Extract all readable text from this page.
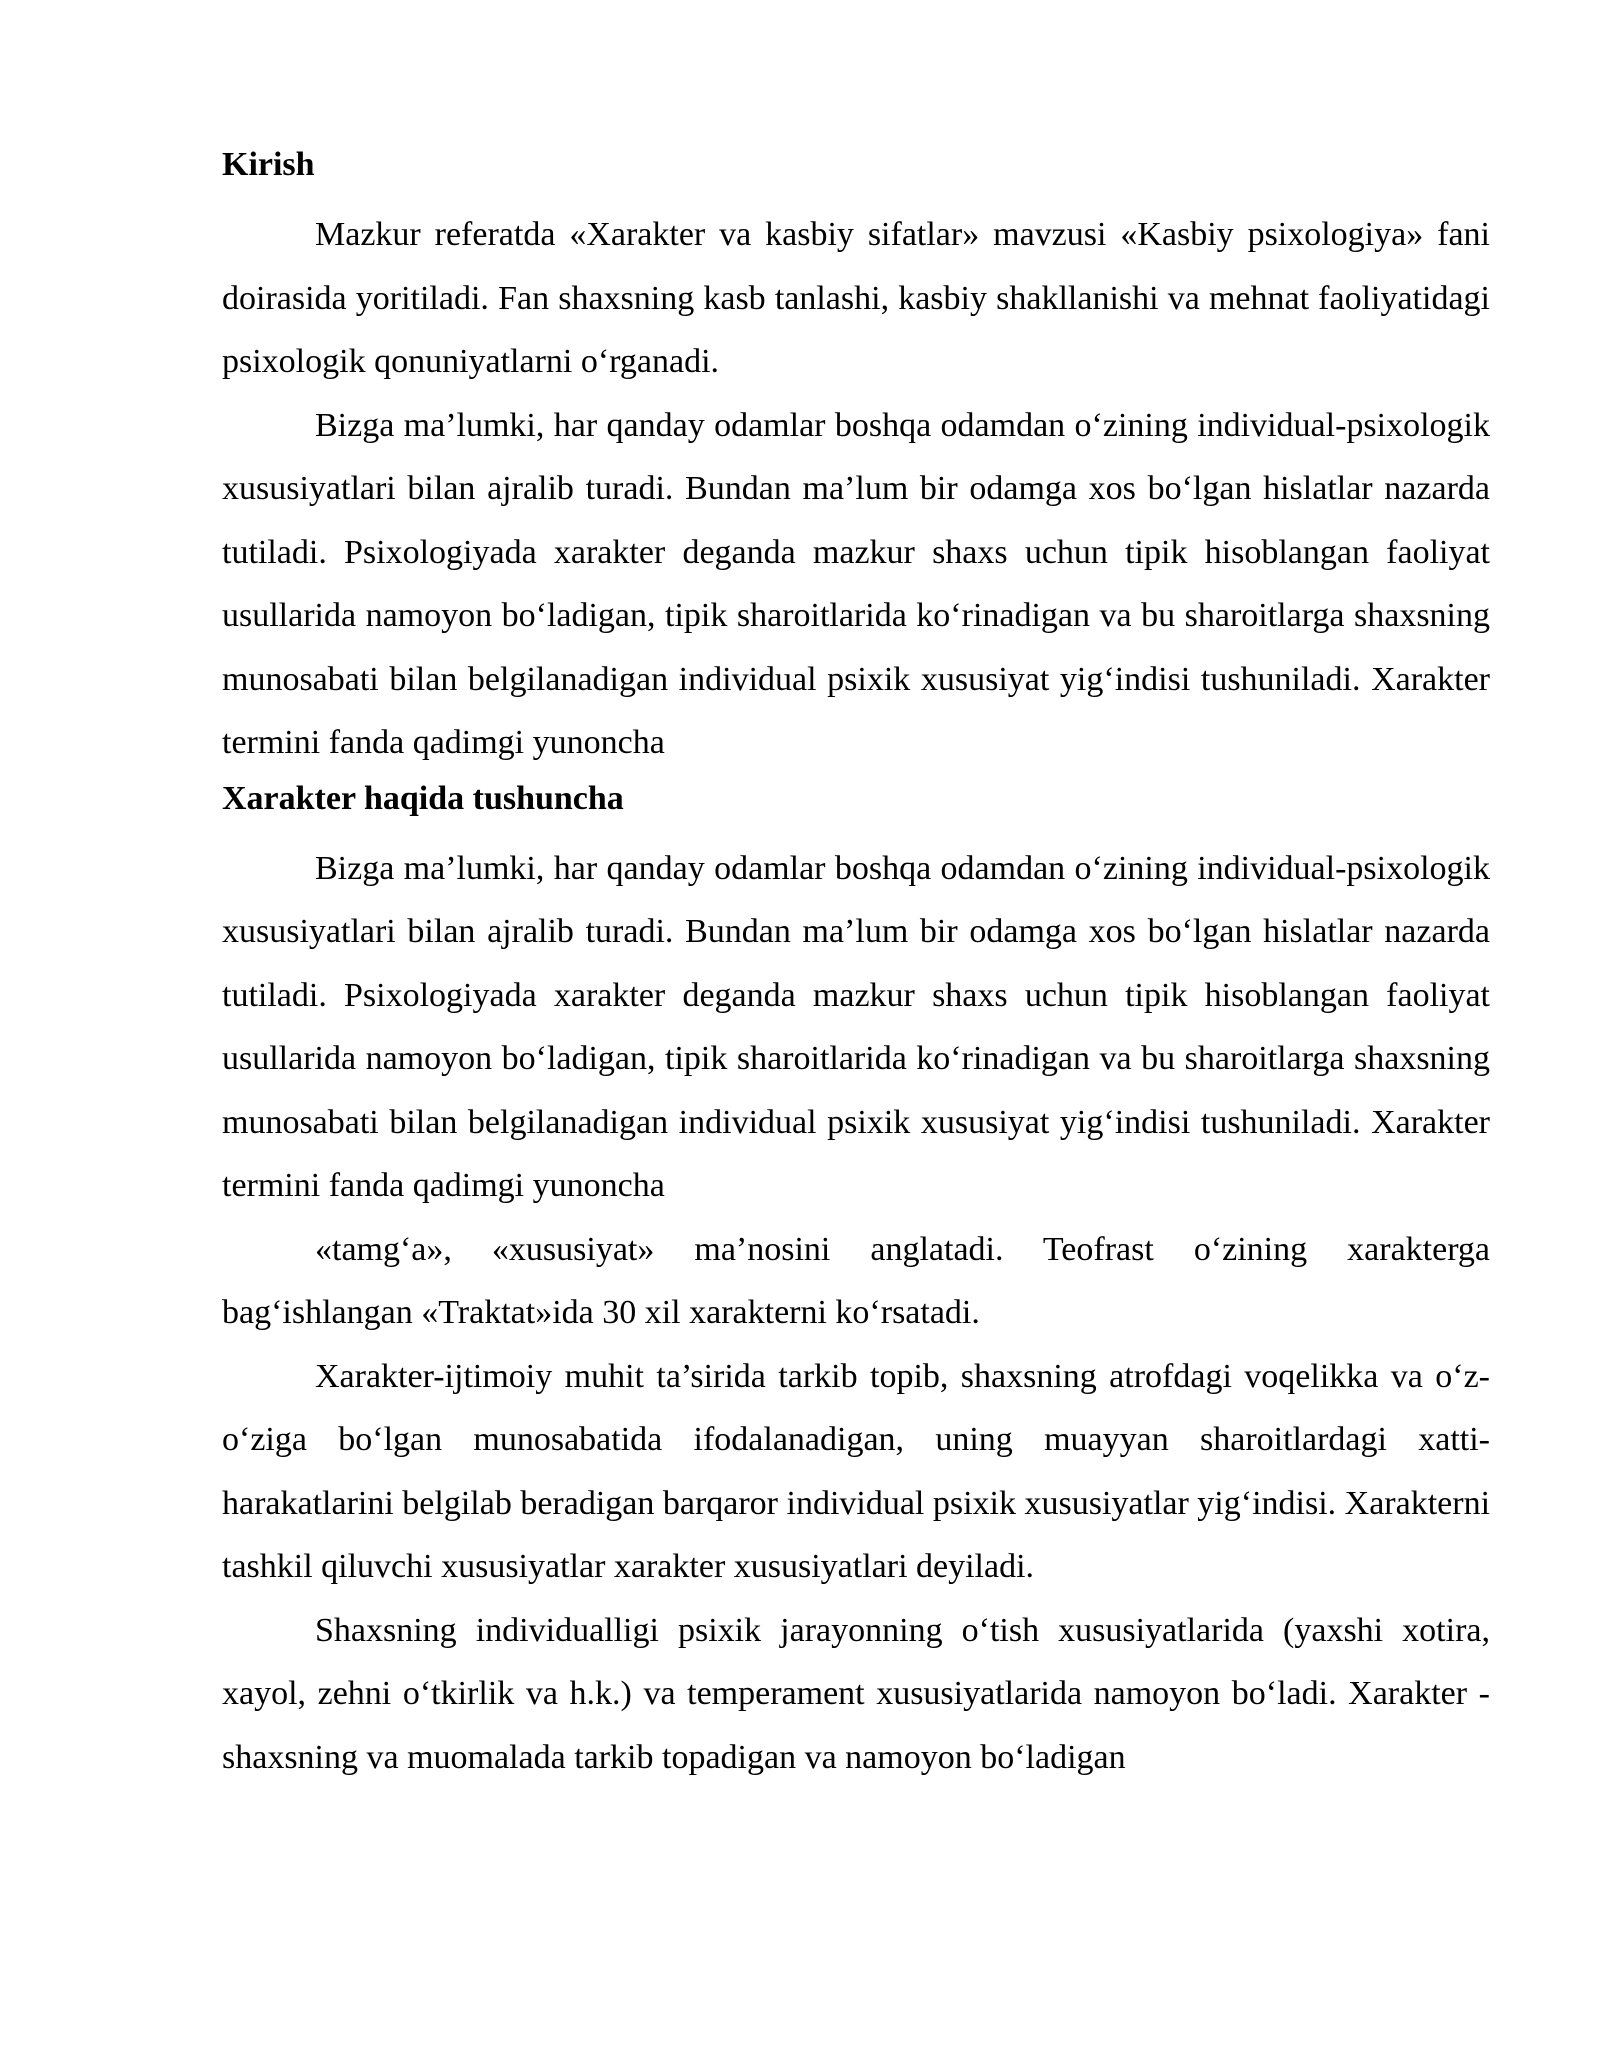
Kirish

Mazkur referatda «Xarakter va kasbiy sifatlar» mavzusi «Kasbiy psixologiya» fani doirasida yoritiladi. Fan shaxsning kasb tanlashi, kasbiy shakllanishi va mehnat faoliyatidagi psixologik qonuniyatlarni o‘rganadi.

Bizga ma’lumki, har qanday odamlar boshqa odamdan o‘zining individual-psixologik xususiyatlari bilan ajralib turadi. Bundan ma’lum bir odamga xos bo‘lgan hislatlar nazarda tutiladi. Psixologiyada xarakter deganda mazkur shaxs uchun tipik hisoblangan faoliyat usullarida namoyon bo‘ladigan, tipik sharoitlarida ko‘rinadigan va bu sharoitlarga shaxsning munosabati bilan belgilanadigan individual psixik xususiyat yig‘indisi tushuniladi. Xarakter termini fanda qadimgi yunoncha

Xarakter haqida tushuncha

Bizga ma’lumki, har qanday odamlar boshqa odamdan o‘zining individual-psixologik xususiyatlari bilan ajralib turadi. Bundan ma’lum bir odamga xos bo‘lgan hislatlar nazarda tutiladi. Psixologiyada xarakter deganda mazkur shaxs uchun tipik hisoblangan faoliyat usullarida namoyon bo‘ladigan, tipik sharoitlarida ko‘rinadigan va bu sharoitlarga shaxsning munosabati bilan belgilanadigan individual psixik xususiyat yig‘indisi tushuniladi. Xarakter termini fanda qadimgi yunoncha

«tamg‘a», «xususiyat» ma’nosini anglatadi. Teofrast o‘zining xarakterga bag‘ishlangan «Traktat»ida 30 xil xarakterni ko‘rsatadi.

Xarakter-ijtimoiy muhit ta’sirida tarkib topib, shaxsning atrofdagi voqelikka va o‘z-o‘ziga bo‘lgan munosabatida ifodalanadigan, uning muayyan sharoitlardagi xatti-harakatlarini belgilab beradigan barqaror individual psixik xususiyatlar yig‘indisi. Xarakterni tashkil qiluvchi xususiyatlar xarakter xususiyatlari deyiladi.

Shaxsning individualligi psixik jarayonning o‘tish xususiyatlarida (yaxshi xotira, xayol, zehni o‘tkirlik va h.k.) va temperament xususiyatlarida namoyon bo‘ladi. Xarakter - shaxsning va muomalada tarkib topadigan va namoyon bo‘ladigan
